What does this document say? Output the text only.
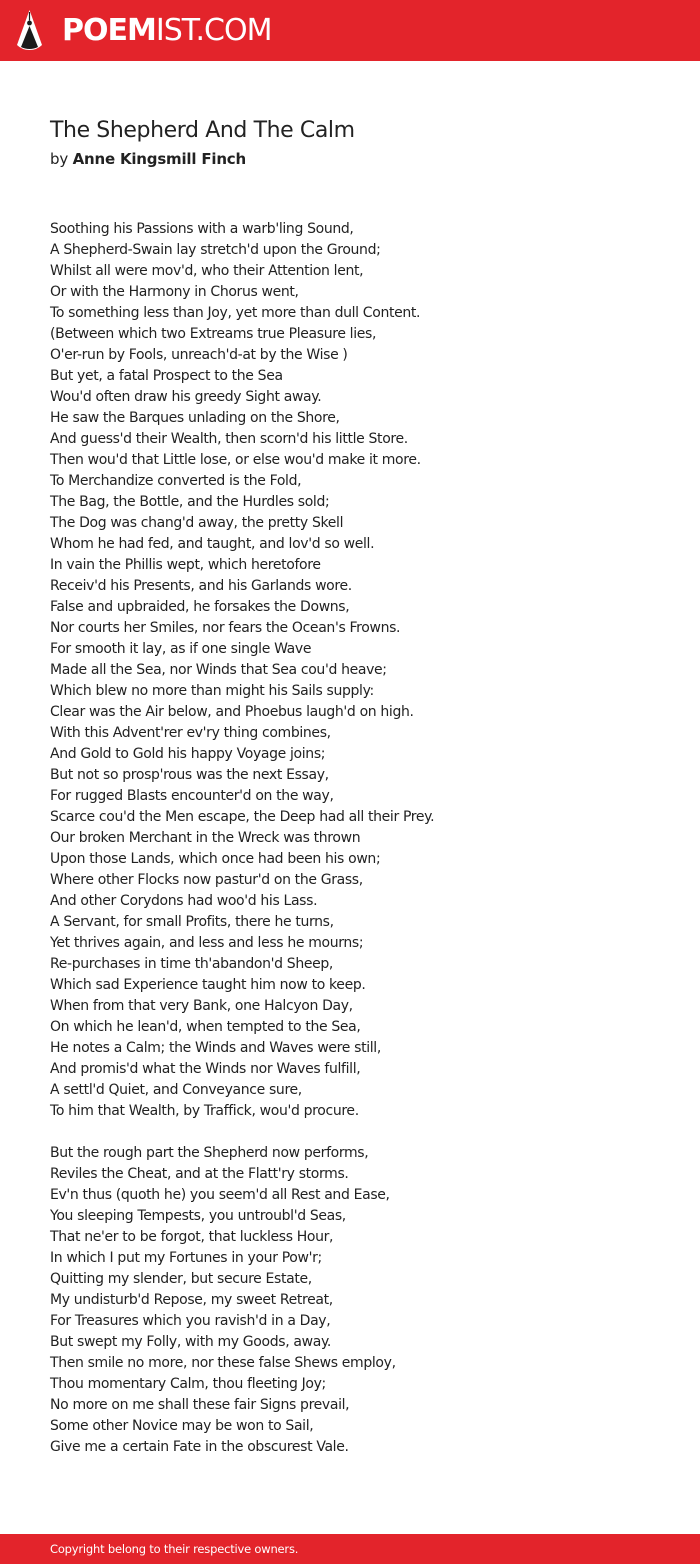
POEMIST.COM
The Shepherd And The Calm
by Anne Kingsmill Finch
Soothing his Passions with a warb'ling Sound,
A Shepherd-Swain lay stretch'd upon the Ground;
Whilst all were mov'd, who their Attention lent,
Or with the Harmony in Chorus went,
To something less than Joy, yet more than dull Content.
(Between which two Extreams true Pleasure lies,
O'er-run by Fools, unreach'd-at by the Wise )
But yet, a fatal Prospect to the Sea
Wou'd often draw his greedy Sight away.
He saw the Barques unlading on the Shore,
And guess'd their Wealth, then scorn'd his little Store.
Then wou'd that Little lose, or else wou'd make it more.
To Merchandize converted is the Fold,
The Bag, the Bottle, and the Hurdles sold;
The Dog was chang'd away, the pretty Skell
Whom he had fed, and taught, and lov'd so well.
In vain the Phillis wept, which heretofore
Receiv'd his Presents, and his Garlands wore.
False and upbraided, he forsakes the Downs,
Nor courts her Smiles, nor fears the Ocean's Frowns.
For smooth it lay, as if one single Wave
Made all the Sea, nor Winds that Sea cou'd heave;
Which blew no more than might his Sails supply:
Clear was the Air below, and Phoebus laugh'd on high.
With this Advent'rer ev'ry thing combines,
And Gold to Gold his happy Voyage joins;
But not so prosp'rous was the next Essay,
For rugged Blasts encounter'd on the way,
Scarce cou'd the Men escape, the Deep had all their Prey.
Our broken Merchant in the Wreck was thrown
Upon those Lands, which once had been his own;
Where other Flocks now pastur'd on the Grass,
And other Corydons had woo'd his Lass.
A Servant, for small Profits, there he turns,
Yet thrives again, and less and less he mourns;
Re-purchases in time th'abandon'd Sheep,
Which sad Experience taught him now to keep.
When from that very Bank, one Halcyon Day,
On which he lean'd, when tempted to the Sea,
He notes a Calm; the Winds and Waves were still,
And promis'd what the Winds nor Waves fulfill,
A settl'd Quiet, and Conveyance sure,
To him that Wealth, by Traffick, wou'd procure.
But the rough part the Shepherd now performs,
Reviles the Cheat, and at the Flatt'ry storms.
Ev'n thus (quoth he) you seem'd all Rest and Ease,
You sleeping Tempests, you untroubl'd Seas,
That ne'er to be forgot, that luckless Hour,
In which I put my Fortunes in your Pow'r;
Quitting my slender, but secure Estate,
My undisturb'd Repose, my sweet Retreat,
For Treasures which you ravish'd in a Day,
But swept my Folly, with my Goods, away.
Then smile no more, nor these false Shews employ,
Thou momentary Calm, thou fleeting Joy;
No more on me shall these fair Signs prevail,
Some other Novice may be won to Sail,
Give me a certain Fate in the obscurest Vale.
Copyright belong to their respective owners.
